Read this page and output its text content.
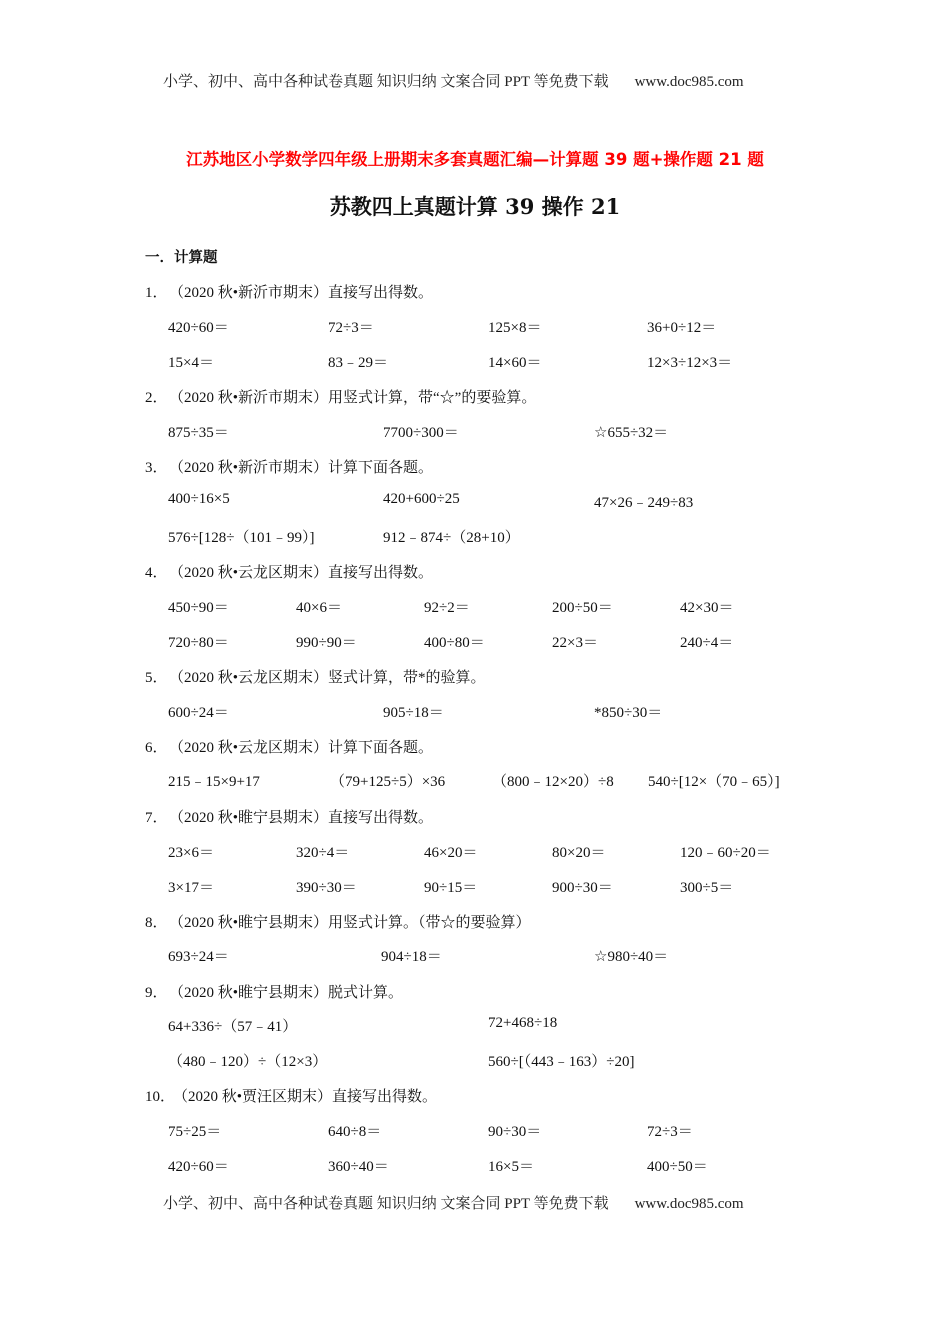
小学、初中、高中各种试卷真题 知识归纳 文案合同 PPT 等免费下载 www.doc985.com
江苏地区小学数学四年级上册期末多套真题汇编—计算题 39 题+操作题 21 题
苏教四上真题计算 39 操作 21
一．计算题
1．（2020 秋•新沂市期末）直接写出得数。
420÷60＝	72÷3＝	125×8＝	36+0÷12＝
15×4＝	83﹣29＝	14×60＝	12×3÷12×3＝
2．（2020 秋•新沂市期末）用竖式计算，带“☆”的要验算。
875÷35＝	7700÷300＝	☆655÷32＝
3．（2020 秋•新沂市期末）计算下面各题。
400÷16×5	420+600÷25	47×26﹣249÷83
576÷[128÷（101﹣99）]	912﹣874÷（28+10）
4．（2020 秋•云龙区期末）直接写出得数。
450÷90＝	40×6＝	92÷2＝	200÷50＝	42×30＝
720÷80＝	990÷90＝	400÷80＝	22×3＝	240÷4＝
5．（2020 秋•云龙区期末）竖式计算，带*的验算。
600÷24＝	905÷18＝	*850÷30＝
6．（2020 秋•云龙区期末）计算下面各题。
215﹣15×9+17	（79+125÷5）×36	（800﹣12×20）÷8 540÷[12×（70﹣65）]
7．（2020 秋•睢宁县期末）直接写出得数。
23×6＝	320÷4＝	46×20＝	80×20＝	120﹣60÷20＝
3×17＝	390÷30＝	90÷15＝	900÷30＝	300÷5＝
8．（2020 秋•睢宁县期末）用竖式计算。（带☆的要验算）
693÷24＝	904÷18＝	☆980÷40＝
9．（2020 秋•睢宁县期末）脱式计算。
64+336÷（57﹣41）	72+468÷18
（480﹣120）÷（12×3）	560÷[（443﹣163）÷20]
10．（2020 秋•贾汪区期末）直接写出得数。
75÷25＝	640÷8＝	90÷30＝	72÷3＝
420÷60＝	360÷40＝	16×5＝	400÷50＝
小学、初中、高中各种试卷真题 知识归纳 文案合同 PPT 等免费下载 www.doc985.com
